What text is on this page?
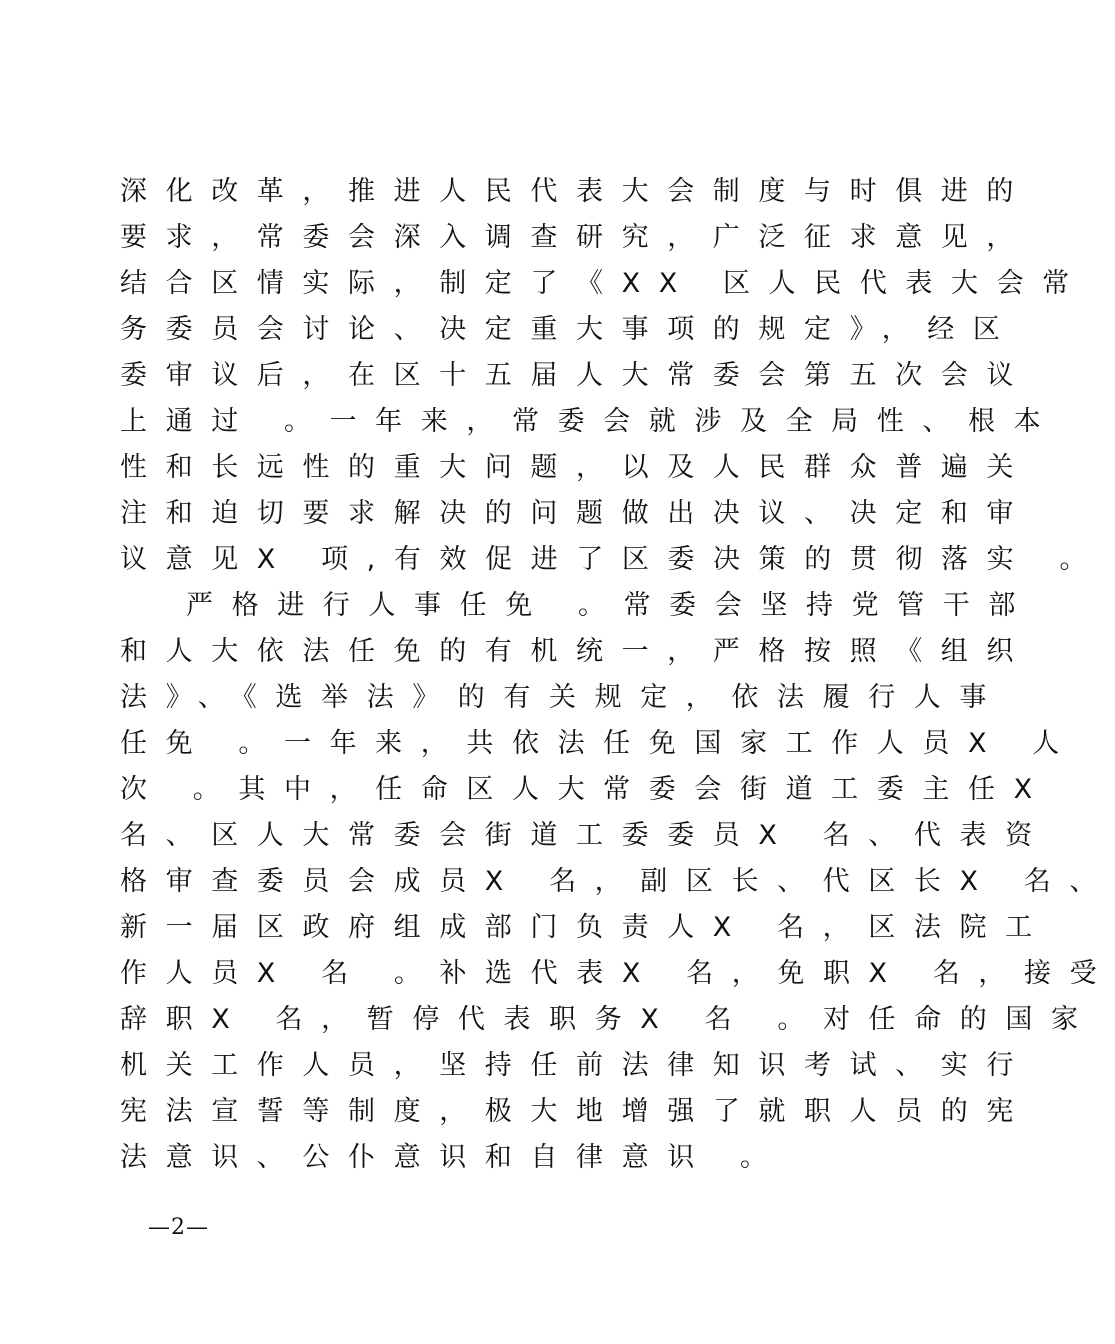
深化改革，推进人民代表大会制度与时俱进的
要求，常委会深入调查研究，广泛征求意见，
结合区情实际，制定了《XX 区人民代表大会常
务委员会讨论、决定重大事项的规定》，经区
委审议后，在区十五届人大常委会第五次会议
上通过 。一年来，常委会就涉及全局性、根本
性和长远性的重大问题，以及人民群众普遍关
注和迫切要求解决的问题做出决议、决定和审
议意见X 项,有效促进了区委决策的贯彻落实 。
严格进行人事任免 。常委会坚持党管干部
和人大依法任免的有机统一，严格按照《组织
法》、《选举法》的有关规定，依法履行人事
任免 。一年来，共依法任免国家工作人员X 人
次 。其中，任命区人大常委会街道工委主任X
名、区人大常委会街道工委委员X 名、代表资
格审查委员会成员X 名，副区长、代区长X 名、
新一届区政府组成部门负责人X 名，区法院工
作人员X 名 。补选代表X 名，免职X 名，接受
辞职X 名，暂停代表职务X 名 。对任命的国家
机关工作人员，坚持任前法律知识考试、实行
宪法宣誓等制度，极大地增强了就职人员的宪
法意识、公仆意识和自律意识 。
—2—
